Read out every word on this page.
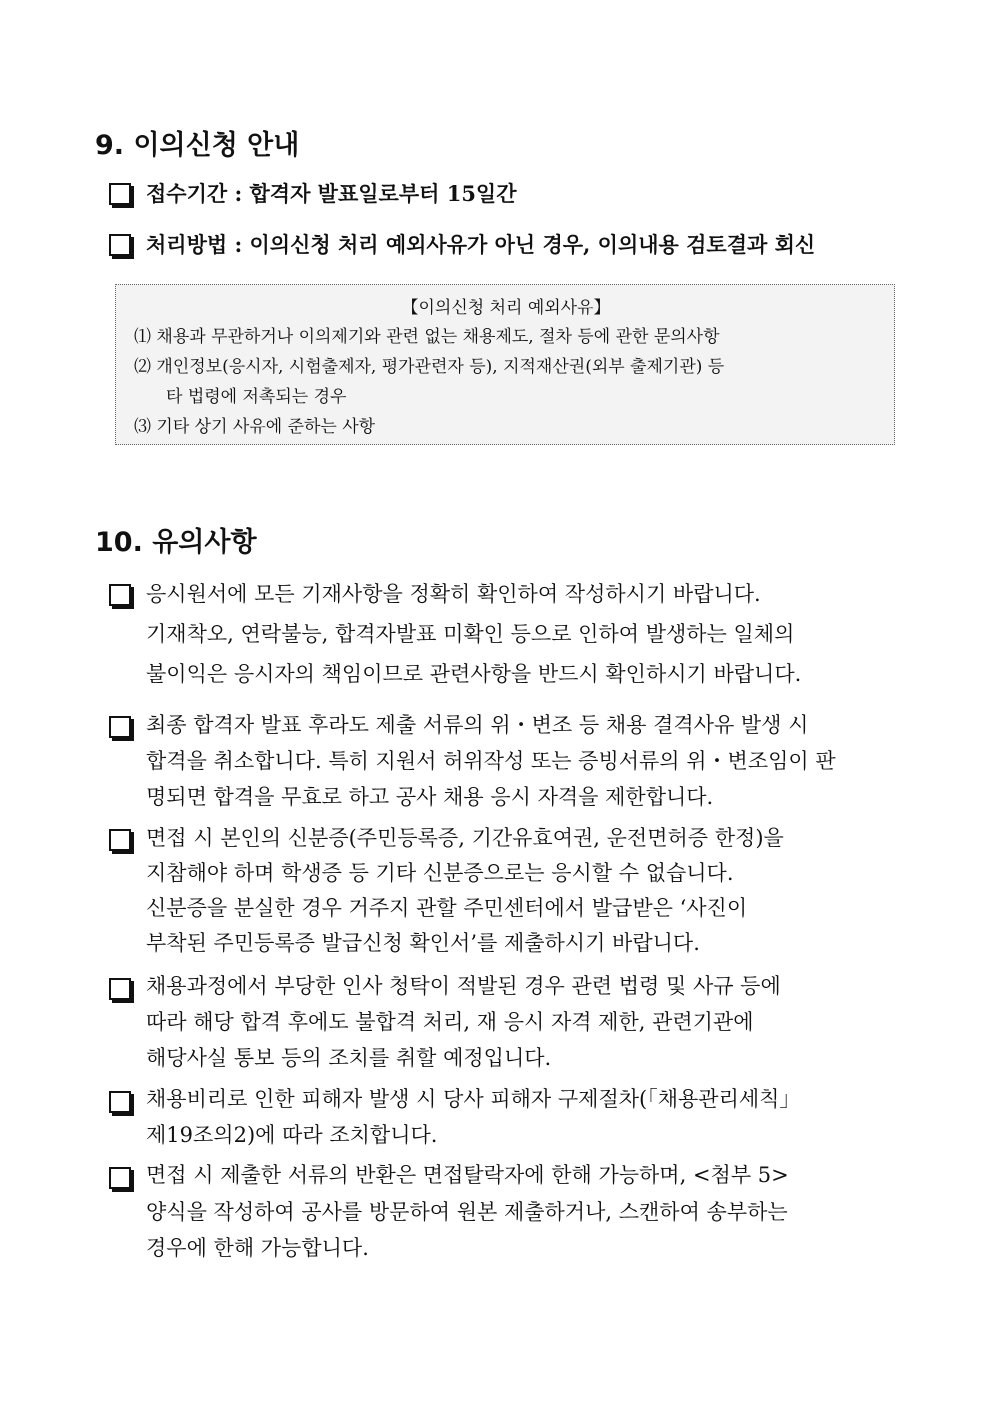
9. 이의신청 안내
접수기간 : 합격자 발표일로부터 15일간
처리방법 : 이의신청 처리 예외사유가 아닌 경우, 이의내용 검토결과 회신
【이의신청 처리 예외사유】
⑴ 채용과 무관하거나 이의제기와 관련 없는 채용제도, 절차 등에 관한 문의사항
⑵ 개인정보(응시자, 시험출제자, 평가관련자 등), 지적재산권(외부 출제기관) 등
타 법령에 저촉되는 경우
⑶ 기타 상기 사유에 준하는 사항
10. 유의사항
응시원서에 모든 기재사항을 정확히 확인하여 작성하시기 바랍니다.
기재착오, 연락불능, 합격자발표 미확인 등으로 인하여 발생하는 일체의
불이익은 응시자의 책임이므로 관련사항을 반드시 확인하시기 바랍니다.
최종 합격자 발표 후라도 제출 서류의 위・변조 등 채용 결격사유 발생 시
합격을 취소합니다. 특히 지원서 허위작성 또는 증빙서류의 위・변조임이 판
명되면 합격을 무효로 하고 공사 채용 응시 자격을 제한합니다.
면접 시 본인의 신분증(주민등록증, 기간유효여권, 운전면허증 한정)을
지참해야 하며 학생증 등 기타 신분증으로는 응시할 수 없습니다.
신분증을 분실한 경우 거주지 관할 주민센터에서 발급받은 ‘사진이
부착된 주민등록증 발급신청 확인서’를 제출하시기 바랍니다.
채용과정에서 부당한 인사 청탁이 적발된 경우 관련 법령 및 사규 등에
따라 해당 합격 후에도 불합격 처리, 재 응시 자격 제한, 관련기관에
해당사실 통보 등의 조치를 취할 예정입니다.
채용비리로 인한 피해자 발생 시 당사 피해자 구제절차(「채용관리세칙」
제19조의2)에 따라 조치합니다.
면접 시 제출한 서류의 반환은 면접탈락자에 한해 가능하며, <첨부 5>
양식을 작성하여 공사를 방문하여 원본 제출하거나, 스캔하여 송부하는
경우에 한해 가능합니다.
